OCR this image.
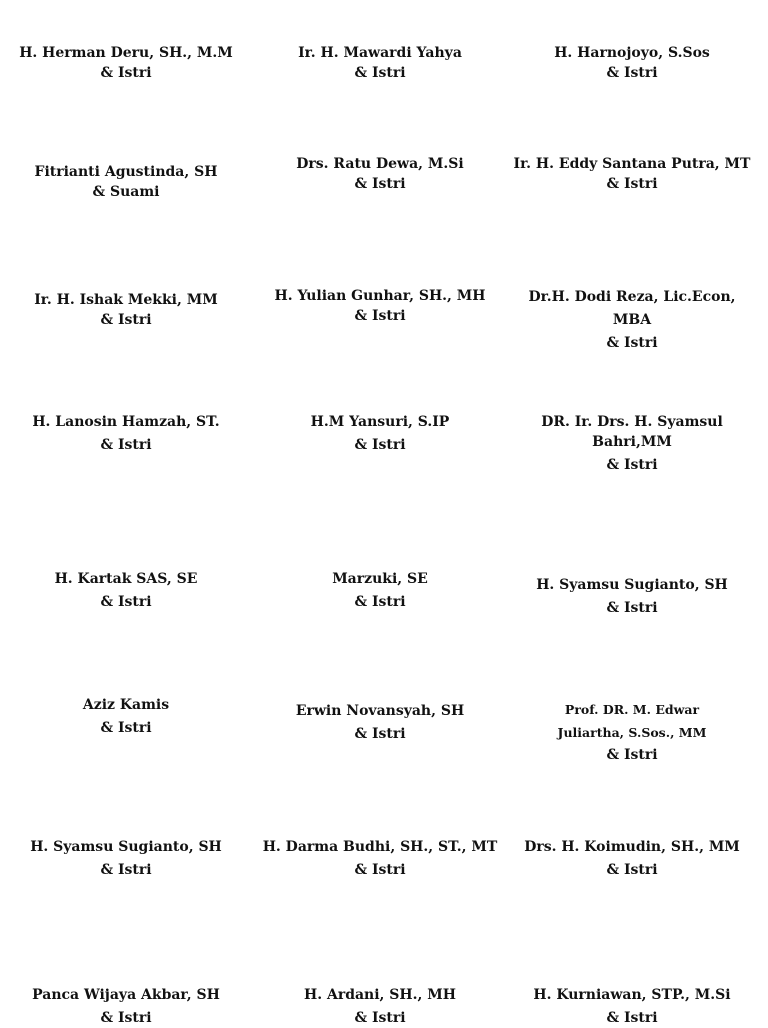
H. Herman Deru, SH., M.M
& Istri
Ir. H. Mawardi Yahya
& Istri
H. Harnojoyo, S.Sos
& Istri
Fitrianti Agustinda, SH
& Suami
Drs. Ratu Dewa, M.Si
& Istri
Ir. H. Eddy Santana Putra, MT
& Istri
Ir. H. Ishak Mekki, MM
& Istri
H. Yulian Gunhar, SH., MH
& Istri
Dr.H. Dodi Reza, Lic.Econ,
MBA
& Istri
H. Lanosin Hamzah, ST.
& Istri
H.M Yansuri, S.IP
& Istri
DR. Ir. Drs. H. Syamsul
Bahri,MM
& Istri
H. Kartak SAS, SE
& Istri
Marzuki, SE
& Istri
H. Syamsu Sugianto, SH
& Istri
Aziz Kamis
& Istri
Erwin Novansyah, SH
& Istri
Prof. DR. M. Edwar
Juliartha, S.Sos., MM
& Istri
H. Syamsu Sugianto, SH
& Istri
H. Darma Budhi, SH., ST., MT
& Istri
Drs. H. Koimudin, SH., MM
& Istri
Panca Wijaya Akbar, SH
& Istri
H. Ardani, SH., MH
& Istri
H. Kurniawan, STP., M.Si
& Istri
